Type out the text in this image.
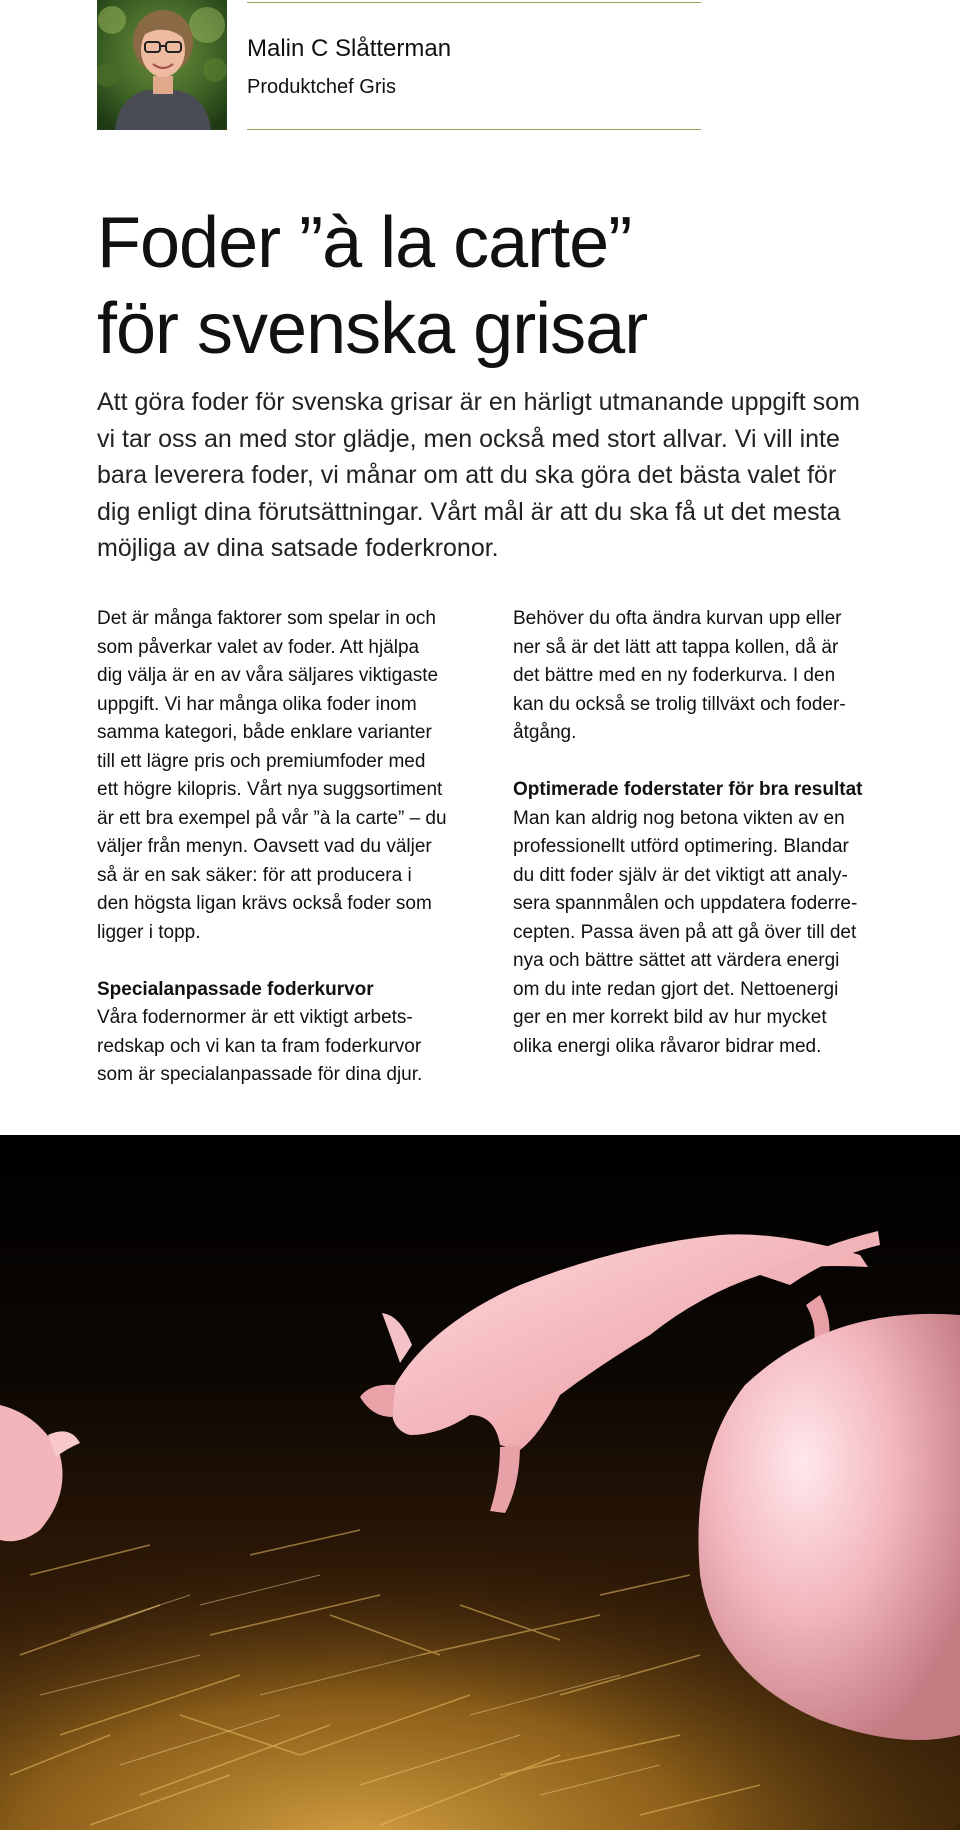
Malin C Slåtterman
Produktchef Gris
Foder ”à la carte”
för svenska grisar

Att göra foder för svenska grisar är en härligt utmanande uppgift som
vi tar oss an med stor glädje, men också med stort allvar. Vi vill inte
bara leverera foder, vi månar om att du ska göra det bästa valet för
dig enligt dina förutsättningar. Vårt mål är att du ska få ut det mesta
möjliga av dina satsade foderkronor.

Det är många faktorer som spelar in och
som påverkar valet av foder. Att hjälpa
dig välja är en av våra säljares viktigaste
uppgift. Vi har många olika foder inom
samma kategori, både enklare varianter
till ett lägre pris och premiumfoder med
ett högre kilopris. Vårt nya suggsortiment
är ett bra exempel på vår ”à la carte” – du
väljer från menyn. Oavsett vad du väljer
så är en sak säker: för att producera i
den högsta ligan krävs också foder som
ligger i topp.

Specialanpassade foderkurvor

Våra fodernormer är ett viktigt arbets-
redskap och vi kan ta fram foderkurvor
som är specialanpassade för dina djur.

Behöver du ofta ändra kurvan upp eller
ner så är det lätt att tappa kollen, då är
det bättre med en ny foderkurva. I den
kan du också se trolig tillväxt och foder-
åtgång.

Optimerade foderstater för bra resultat

Man kan aldrig nog betona vikten av en
professionellt utförd optimering. Blandar
du ditt foder själv är det viktigt att analy-
sera spannmålen och uppdatera foderre-
cepten. Passa även på att gå över till det
nya och bättre sättet att värdera energi
om du inte redan gjort det. Nettoenergi
ger en mer korrekt bild av hur mycket
olika energi olika råvaror bidrar med.
